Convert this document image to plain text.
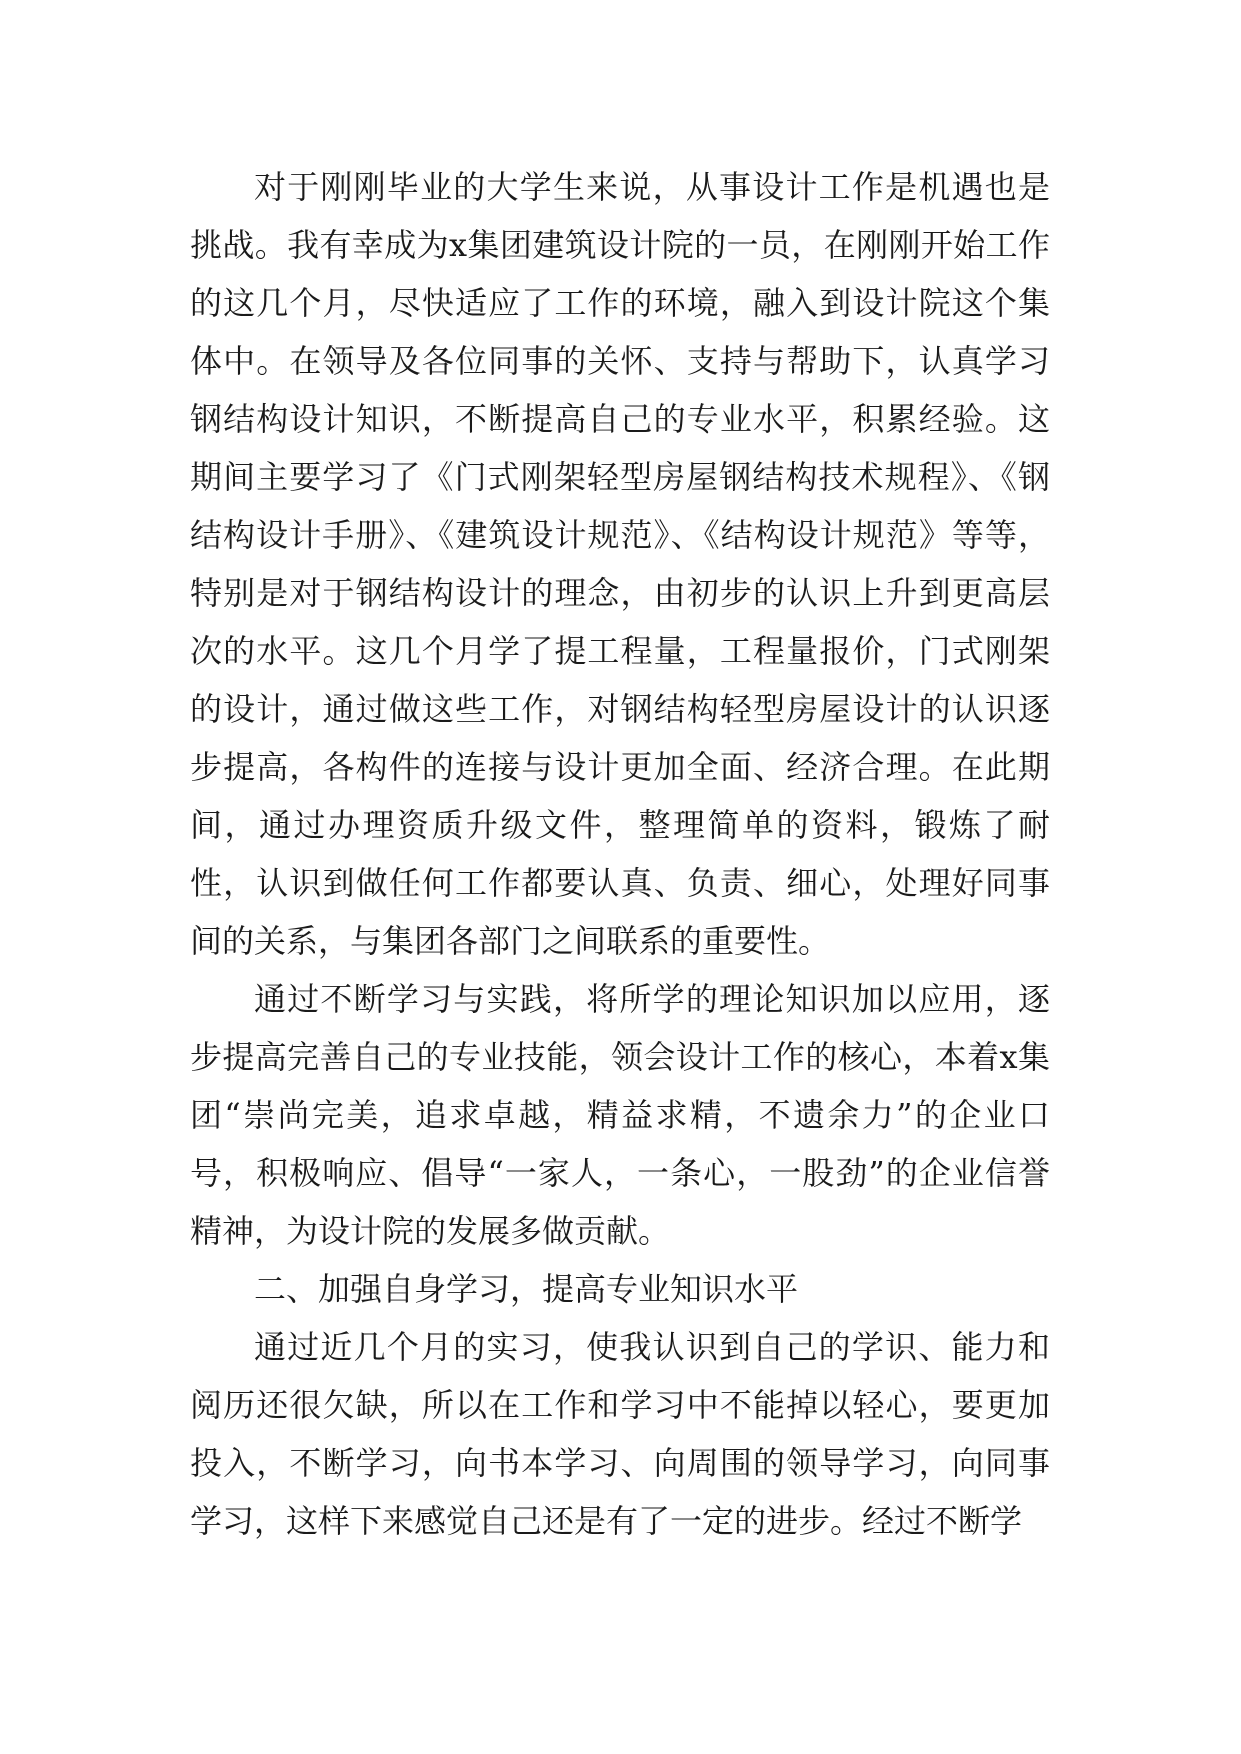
对于刚刚毕业的大学生来说，从事设计工作是机遇也是挑战。我有幸成为x集团建筑设计院的一员，在刚刚开始工作的这几个月，尽快适应了工作的环境，融入到设计院这个集体中。在领导及各位同事的关怀、支持与帮助下，认真学习钢结构设计知识，不断提高自己的专业水平，积累经验。这期间主要学习了《门式刚架轻型房屋钢结构技术规程》、《钢结构设计手册》、《建筑设计规范》、《结构设计规范》等等，特别是对于钢结构设计的理念，由初步的认识上升到更高层次的水平。这几个月学了提工程量，工程量报价，门式刚架的设计，通过做这些工作，对钢结构轻型房屋设计的认识逐步提高，各构件的连接与设计更加全面、经济合理。在此期间，通过办理资质升级文件，整理简单的资料，锻炼了耐性，认识到做任何工作都要认真、负责、细心，处理好同事间的关系，与集团各部门之间联系的重要性。

通过不断学习与实践，将所学的理论知识加以应用，逐步提高完善自己的专业技能，领会设计工作的核心，本着x集团“崇尚完美，追求卓越，精益求精，不遗余力”的企业口号，积极响应、倡导“一家人，一条心，一股劲”的企业信誉精神，为设计院的发展多做贡献。

二、加强自身学习，提高专业知识水平

通过近几个月的实习，使我认识到自己的学识、能力和阅历还很欠缺，所以在工作和学习中不能掉以轻心，要更加投入，不断学习，向书本学习、向周围的领导学习，向同事学习，这样下来感觉自己还是有了一定的进步。经过不断学
